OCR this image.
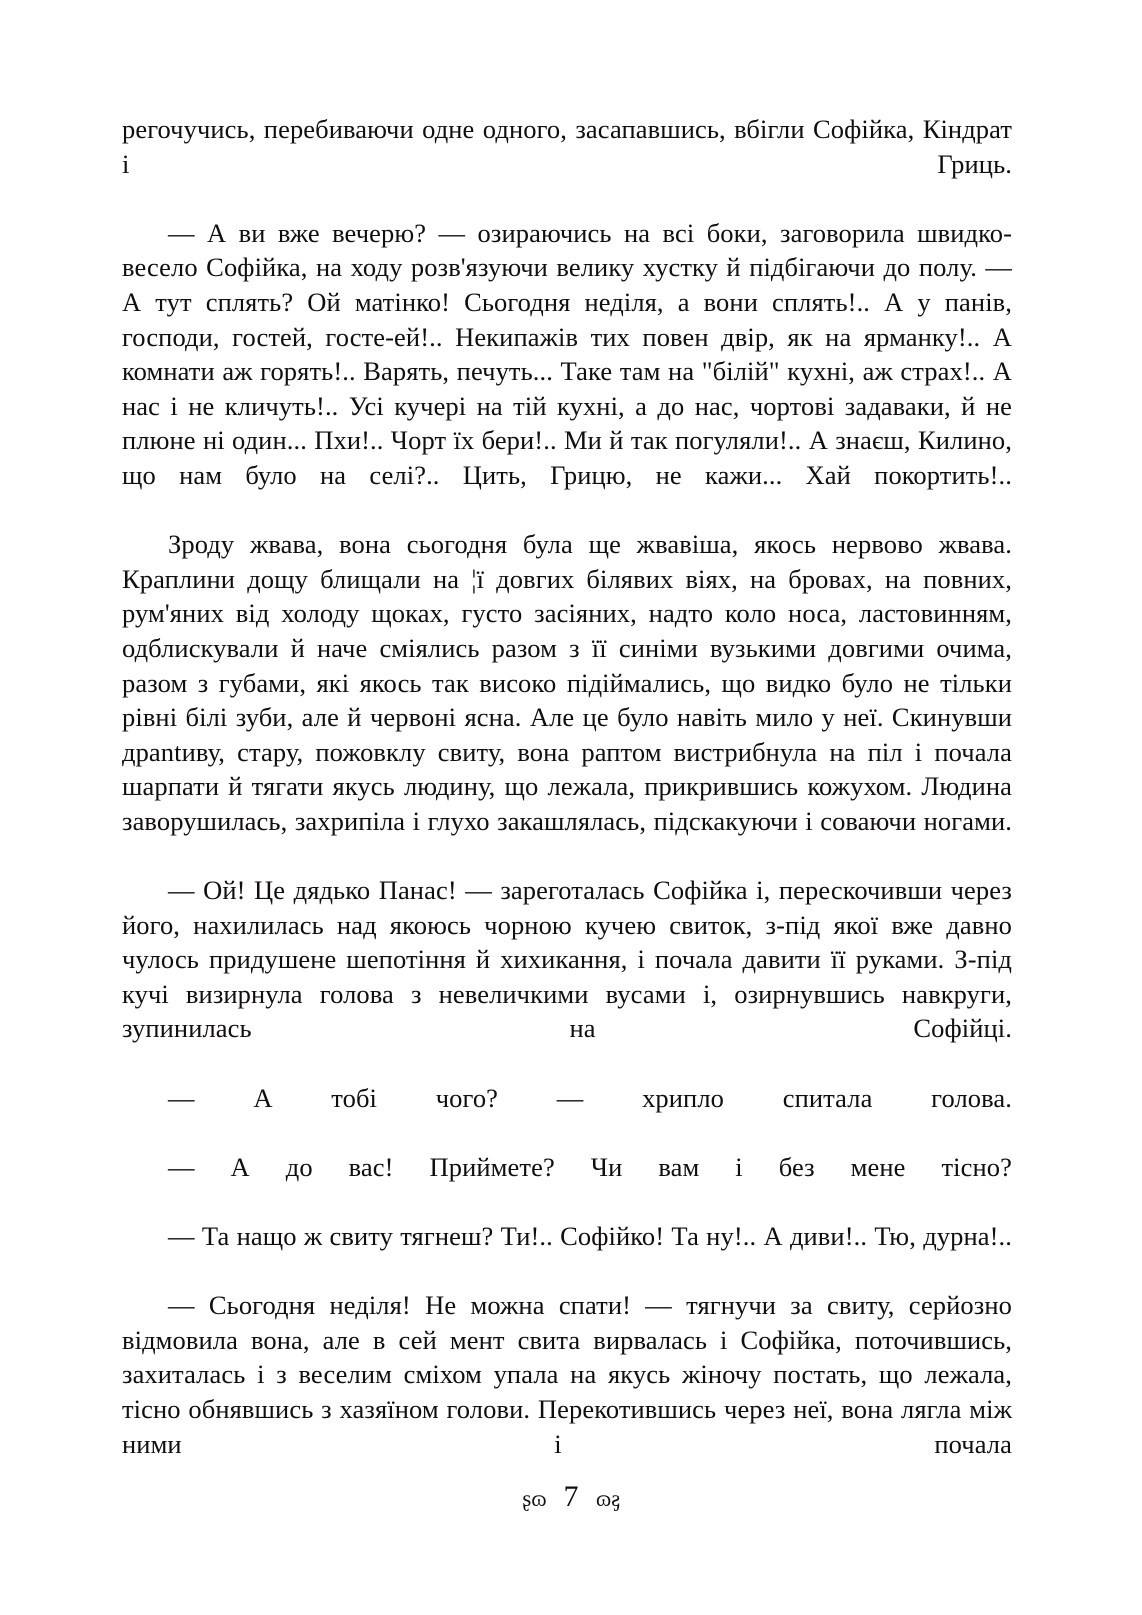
регочучись, перебиваючи одне одного, засапавшись, вбігли Софійка, Кіндрат і Гриць.

— А ви вже вечерю? — озираючись на всі боки, заговорила швидко-весело Софійка, на ходу розв'язуючи велику хустку й підбігаючи до полу. — А тут сплять? Ой матінко! Сьогодня неділя, а вони сплять!.. А у панів, господи, гостей, госте-ей!.. Некипажів тих повен двір, як на ярманку!.. А комнати аж горять!.. Варять, печуть... Таке там на "білій" кухні, аж страх!.. А нас і не кличуть!.. Усі кучері на тій кухні, а до нас, чортові задаваки, й не плюне ні один... Пхи!.. Чорт їх бери!.. Ми й так погуляли!.. А знаєш, Килино, що нам було на селі?.. Цить, Грицю, не кажи... Хай покортить!..

Зроду жвава, вона сьогодня була ще жвавіша, якось нервово жвава. Краплини дощу блищали на ¦ї довгих білявих віях, на бровах, на повних, рум'яних від холоду щоках, густо засіяних, надто коло носа, ластовинням, одблискували й наче сміялись разом з її синіми вузькими довгими очима, разом з губами, які якось так високо підіймались, що видко було не тільки рівні білі зуби, але й червоні ясна. Але це було навіть мило у неї. Скинувши драntиву, стару, пожовклу свиту, вона раптом вистрибнула на піл і почала шарпати й тягати якусь людину, що лежала, прикрившись кожухом. Людина заворушилась, захрипіла і глухо закашлялась, підскакуючи і соваючи ногами.

— Ой! Це дядько Панас! — зареготалась Софійка і, перескочивши через його, нахилилась над якоюсь чорною кучею свиток, з-під якої вже давно чулось придушене шепотіння й хихикання, і почала давити її руками. З-під кучі визирнула голова з невеличкими вусами і, озирнувшись навкруги, зупинилась на Софійці.

— А тобі чого? — хрипло спитала голова.

— А до вас! Приймете? Чи вам і без мене тісно?

— Та нащо ж свиту тягнеш? Ти!.. Софійко! Та ну!.. А диви!.. Тю, дурна!..

— Сьогодня неділя! Не можна спати! — тягнучи за свиту, серйозно відмовила вона, але в сей мент свита вирвалась і Софійка, поточившись, захиталась і з веселим сміхом упала на якусь жіночу постать, що лежала, тісно обнявшись з хазяїном голови. Перекотившись через неї, вона лягла між ними і почала

ʂɷ 7 ʂɷ
